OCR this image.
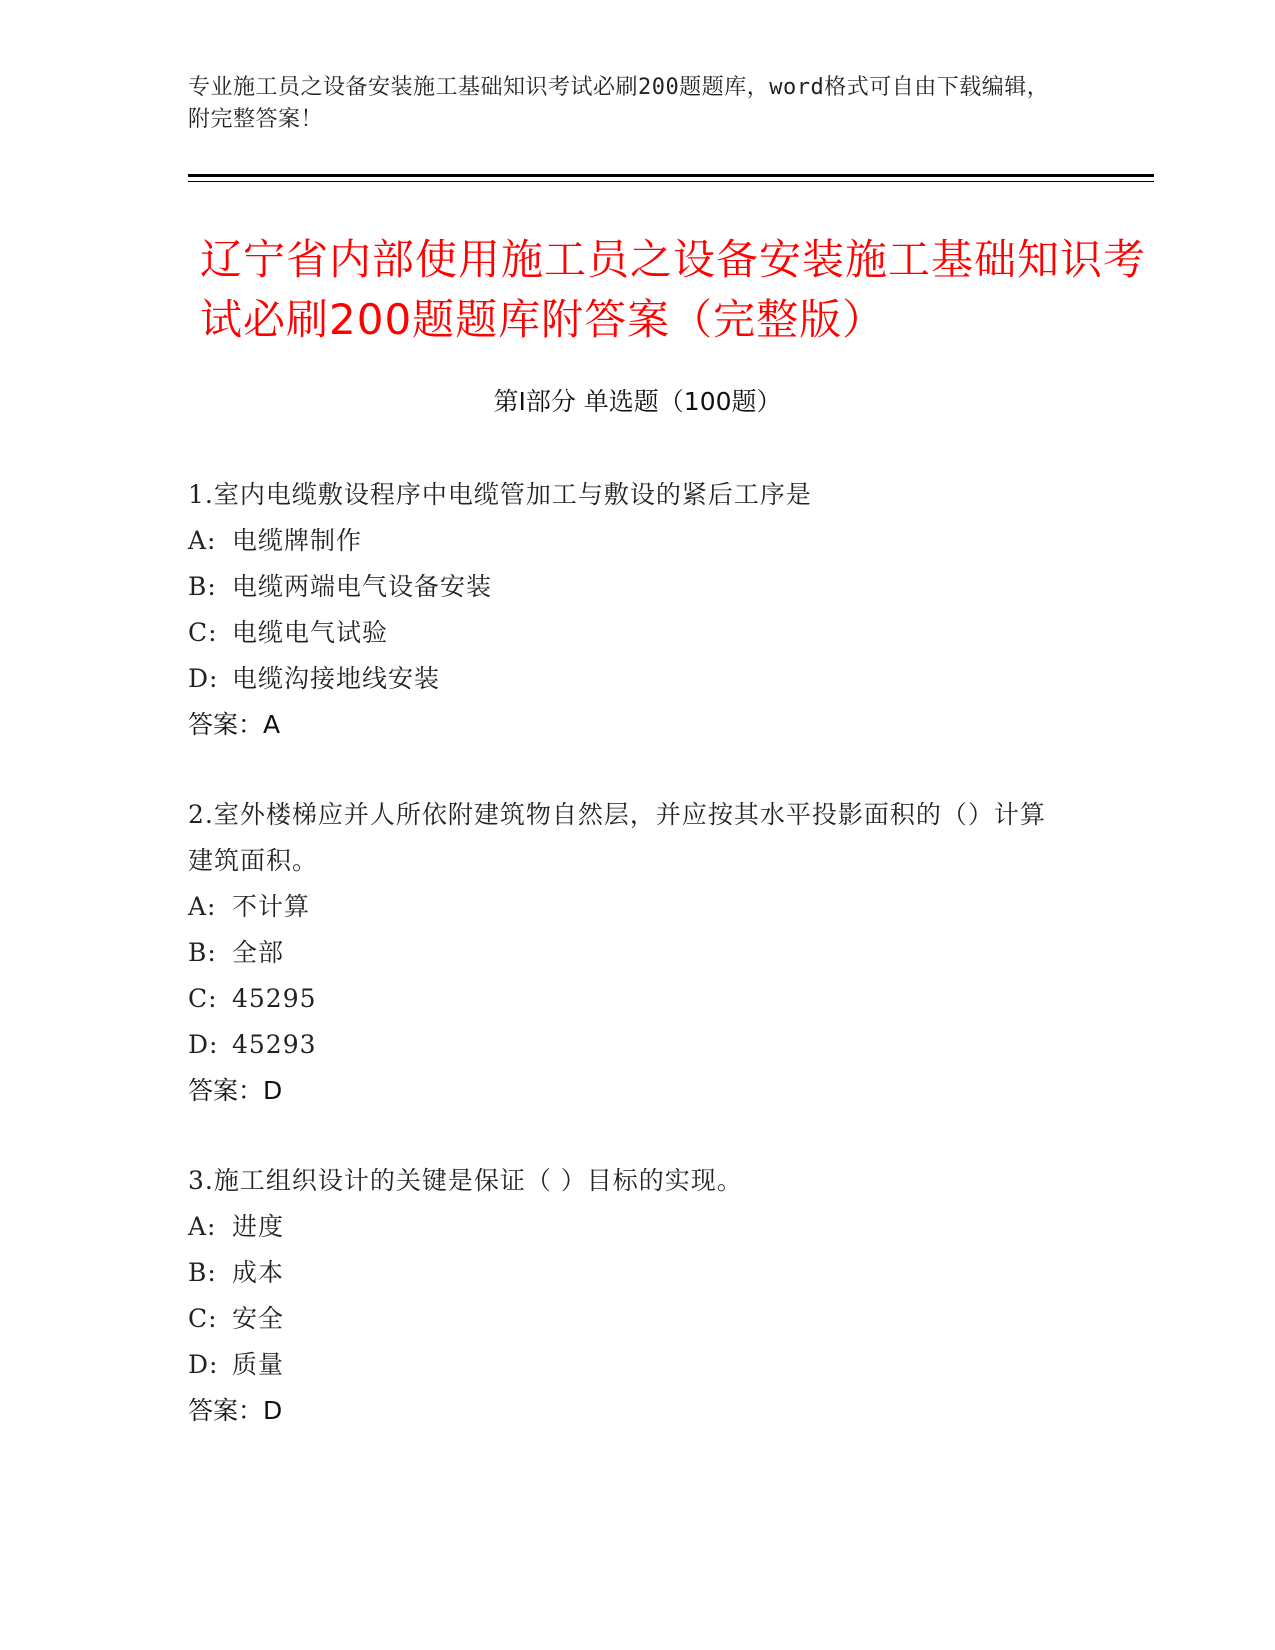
专业施工员之设备安装施工基础知识考试必刷200题题库，word格式可自由下载编辑，附完整答案！
辽宁省内部使用施工员之设备安装施工基础知识考试必刷200题题库附答案（完整版）
第Ⅰ部分 单选题（100题）
1.室内电缆敷设程序中电缆管加工与敷设的紧后工序是
A: 电缆牌制作
B: 电缆两端电气设备安装
C: 电缆电气试验
D: 电缆沟接地线安装
答案：A
2.室外楼梯应并人所依附建筑物自然层，并应按其水平投影面积的（）计算建筑面积。
A: 不计算
B: 全部
C: 45295
D: 45293
答案：D
3.施工组织设计的关键是保证（ ）目标的实现。
A: 进度
B: 成本
C: 安全
D: 质量
答案：D
